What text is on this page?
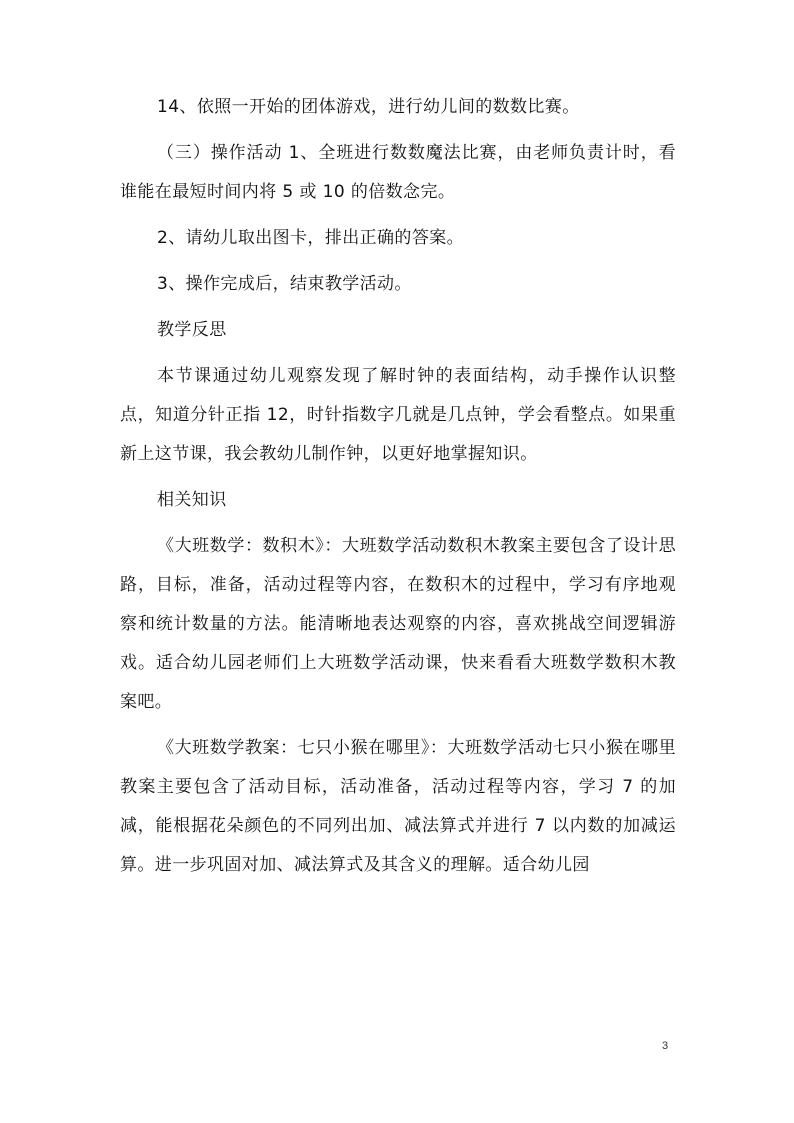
14、依照一开始的团体游戏，进行幼儿间的数数比赛。

（三）操作活动 1、全班进行数数魔法比赛，由老师负责计时，看谁能在最短时间内将 5 或 10 的倍数念完。

2、请幼儿取出图卡，排出正确的答案。

3、操作完成后，结束教学活动。

教学反思

本节课通过幼儿观察发现了解时钟的表面结构，动手操作认识整点，知道分针正指 12，时针指数字几就是几点钟，学会看整点。如果重新上这节课，我会教幼儿制作钟，以更好地掌握知识。

相关知识

《大班数学：数积木》：大班数学活动数积木教案主要包含了设计思路，目标，准备，活动过程等内容，在数积木的过程中，学习有序地观察和统计数量的方法。能清晰地表达观察的内容，喜欢挑战空间逻辑游戏。适合幼儿园老师们上大班数学活动课，快来看看大班数学数积木教案吧。

《大班数学教案：七只小猴在哪里》：大班数学活动七只小猴在哪里教案主要包含了活动目标，活动准备，活动过程等内容，学习 7 的加减，能根据花朵颜色的不同列出加、减法算式并进行 7 以内数的加减运算。进一步巩固对加、减法算式及其含义的理解。适合幼儿园

3
